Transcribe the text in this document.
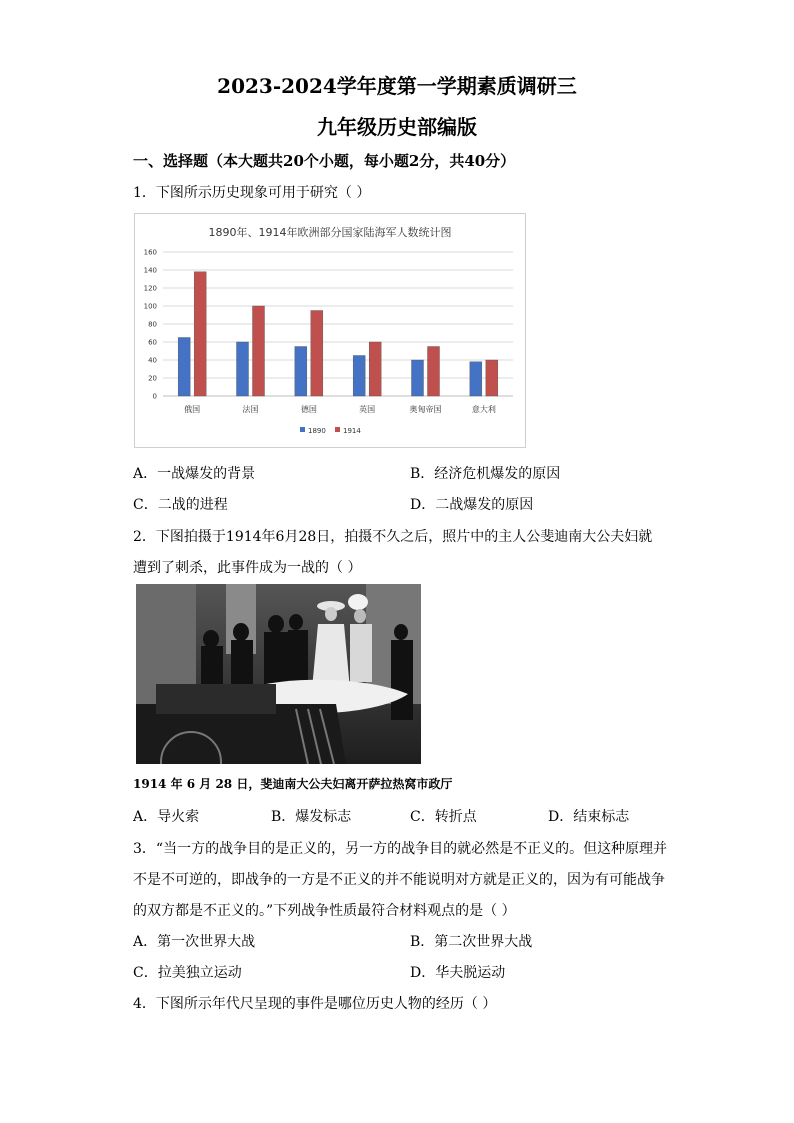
2023-2024学年度第一学期素质调研三
九年级历史部编版
一、选择题（本大题共20个小题，每小题2分，共40分）
1．下图所示历史现象可用于研究（ ）
1890年、1914年欧洲部分国家陆海军人数统计图
0
20
40
60
80
100
120
140
160
俄国	法国	德国	英国	奥匈帝国	意大利
1890 1914
A．一战爆发的背景	B．经济危机爆发的原因
C．二战的进程	D．二战爆发的原因
2．下图拍摄于1914年6月28日，拍摄不久之后，照片中的主人公斐迪南大公夫妇就
遭到了刺杀，此事件成为一战的（ ）
1914 年 6 月 28 日，斐迪南大公夫妇离开萨拉热窝市政厅
A．导火索	B．爆发标志	C．转折点	D．结束标志
3．“当一方的战争目的是正义的，另一方的战争目的就必然是不正义的。但这种原理并
不是不可逆的，即战争的一方是不正义的并不能说明对方就是正义的，因为有可能战争
的双方都是不正义的。”下列战争性质最符合材料观点的是（ ）
A．第一次世界大战	B．第二次世界大战
C．拉美独立运动	D．华夫脱运动
4．下图所示年代尺呈现的事件是哪位历史人物的经历（ ）
